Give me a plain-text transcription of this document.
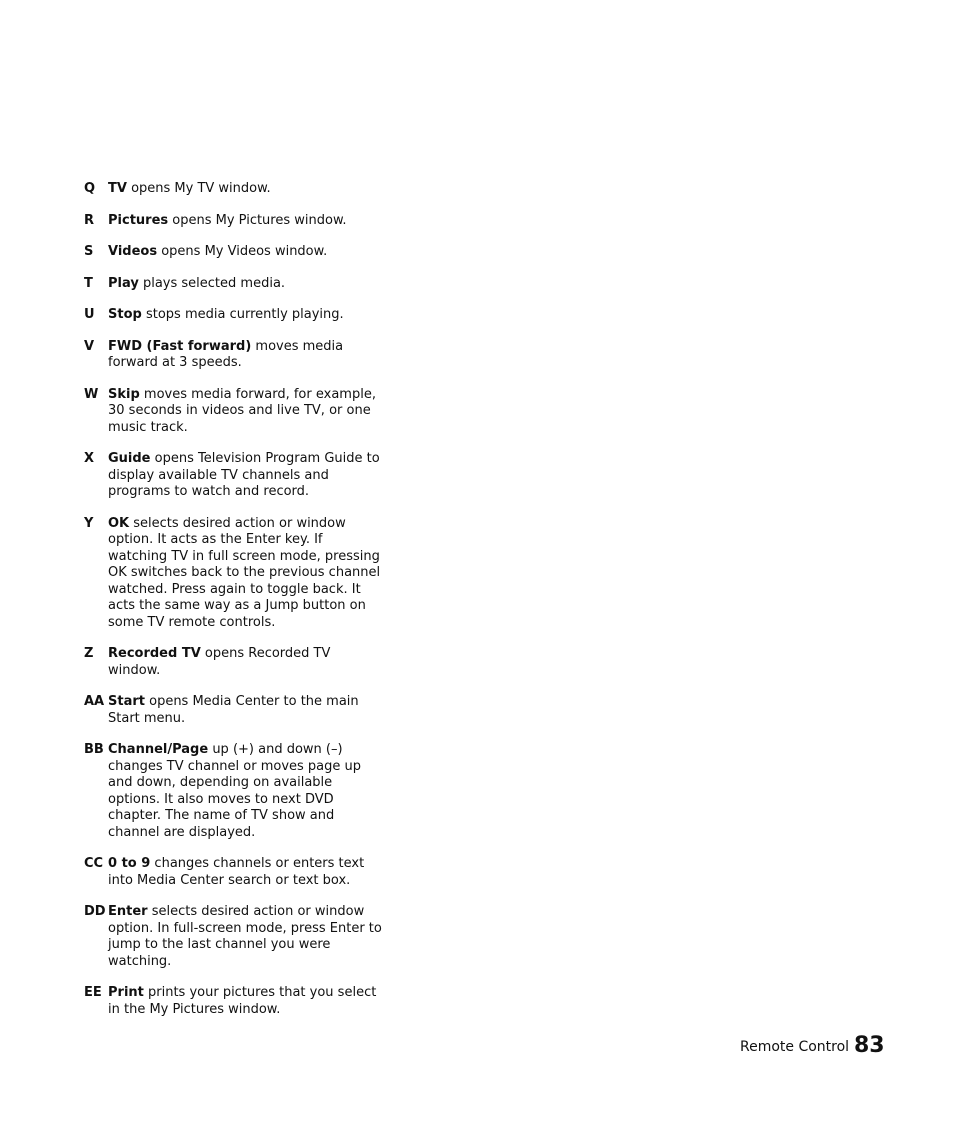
Q TV opens My TV window.
R	Pictures opens My Pictures window.
S	Videos opens My Videos window.
T	Play plays selected media.
U	Stop stops media currently playing.
V	FWD (Fast forward) moves media forward at 3 speeds.
W Skip moves media forward, for example, 30 seconds in videos and live TV, or one music track.
X	Guide opens Television Program Guide to display available TV channels and programs to watch and record.
Y	OK selects desired action or window option. It acts as the Enter key. If watching TV in full screen mode, pressing OK switches back to the previous channel watched. Press again to toggle back. It acts the same way as a Jump button on some TV remote controls.
Z	Recorded TV opens Recorded TV window.
AA Start opens Media Center to the main Start menu.
BB Channel/Page up (+) and down (–) changes TV channel or moves page up and down, depending on available options. It also moves to next DVD chapter. The name of TV show and channel are displayed.
CC 0 to 9 changes channels or enters text into Media Center search or text box.
DD Enter selects desired action or window option. In full-screen mode, press Enter to jump to the last channel you were watching.
EE Print prints your pictures that you select in the My Pictures window.
Remote Control 83
